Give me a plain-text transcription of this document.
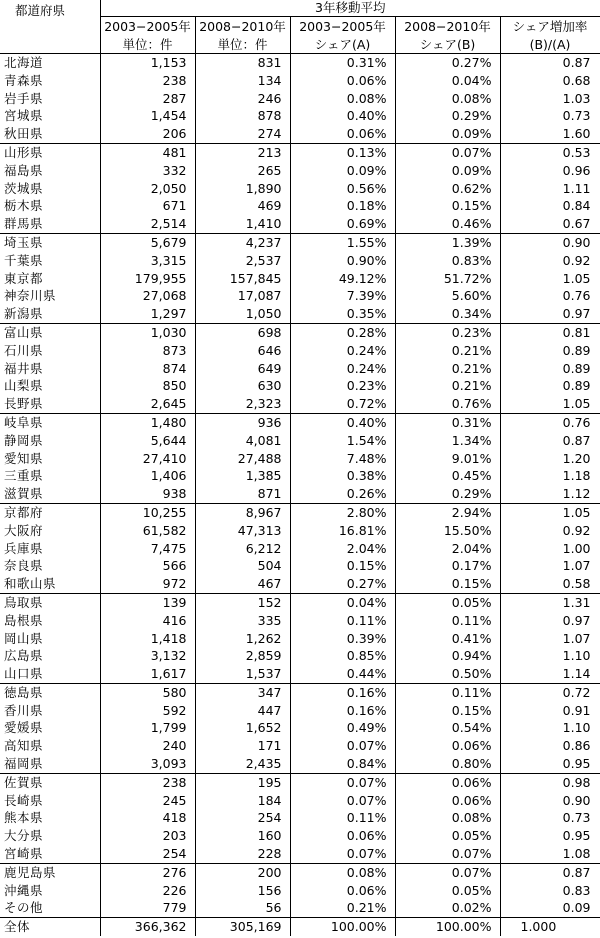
都道府県	3年移動平均				
	2003−2005年	2008−2010年	2003−2005年	2008−2010年	シェア増加率
	単位：件	単位：件	シェア(A)	シェア(B)	(B)/(A)
北海道	1,153	831	0.31%	0.27%	0.87
青森県	238	134	0.06%	0.04%	0.68
岩手県	287	246	0.08%	0.08%	1.03
宮城県	1,454	878	0.40%	0.29%	0.73
秋田県	206	274	0.06%	0.09%	1.60
山形県	481	213	0.13%	0.07%	0.53
福島県	332	265	0.09%	0.09%	0.96
茨城県	2,050	1,890	0.56%	0.62%	1.11
栃木県	671	469	0.18%	0.15%	0.84
群馬県	2,514	1,410	0.69%	0.46%	0.67
埼玉県	5,679	4,237	1.55%	1.39%	0.90
千葉県	3,315	2,537	0.90%	0.83%	0.92
東京都	179,955	157,845	49.12%	51.72%	1.05
神奈川県	27,068	17,087	7.39%	5.60%	0.76
新潟県	1,297	1,050	0.35%	0.34%	0.97
富山県	1,030	698	0.28%	0.23%	0.81
石川県	873	646	0.24%	0.21%	0.89
福井県	874	649	0.24%	0.21%	0.89
山梨県	850	630	0.23%	0.21%	0.89
長野県	2,645	2,323	0.72%	0.76%	1.05
岐阜県	1,480	936	0.40%	0.31%	0.76
静岡県	5,644	4,081	1.54%	1.34%	0.87
愛知県	27,410	27,488	7.48%	9.01%	1.20
三重県	1,406	1,385	0.38%	0.45%	1.18
滋賀県	938	871	0.26%	0.29%	1.12
京都府	10,255	8,967	2.80%	2.94%	1.05
大阪府	61,582	47,313	16.81%	15.50%	0.92
兵庫県	7,475	6,212	2.04%	2.04%	1.00
奈良県	566	504	0.15%	0.17%	1.07
和歌山県	972	467	0.27%	0.15%	0.58
鳥取県	139	152	0.04%	0.05%	1.31
島根県	416	335	0.11%	0.11%	0.97
岡山県	1,418	1,262	0.39%	0.41%	1.07
広島県	3,132	2,859	0.85%	0.94%	1.10
山口県	1,617	1,537	0.44%	0.50%	1.14
徳島県	580	347	0.16%	0.11%	0.72
香川県	592	447	0.16%	0.15%	0.91
愛媛県	1,799	1,652	0.49%	0.54%	1.10
高知県	240	171	0.07%	0.06%	0.86
福岡県	3,093	2,435	0.84%	0.80%	0.95
佐賀県	238	195	0.07%	0.06%	0.98
長崎県	245	184	0.07%	0.06%	0.90
熊本県	418	254	0.11%	0.08%	0.73
大分県	203	160	0.06%	0.05%	0.95
宮崎県	254	228	0.07%	0.07%	1.08
鹿児島県	276	200	0.08%	0.07%	0.87
沖縄県	226	156	0.06%	0.05%	0.83
その他	779	56	0.21%	0.02%	0.09
全体	366,362	305,169	100.00%	100.00%	1.000
